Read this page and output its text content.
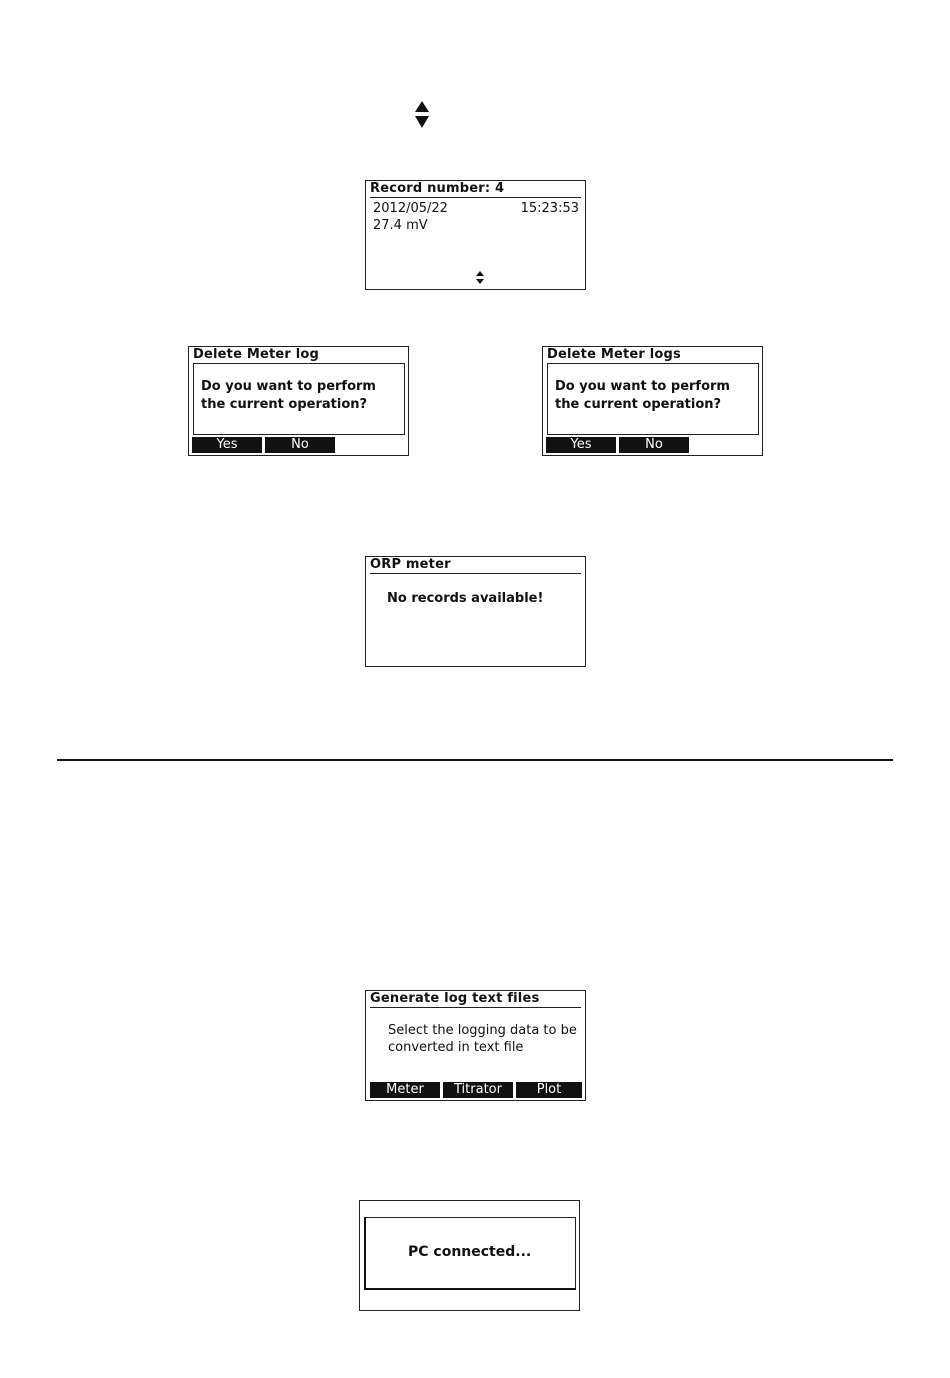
Record number: 4
2012/05/22	15:23:53
27.4 mV
Delete Meter log
Do you want to perform
the current operation?
Yes	No
Delete Meter logs
Do you want to perform
the current operation?
Yes	No
ORP meter
No records available!
Generate log text files
Select the logging data to be
converted in text file
Meter	Titrator	Plot
PC connected...
